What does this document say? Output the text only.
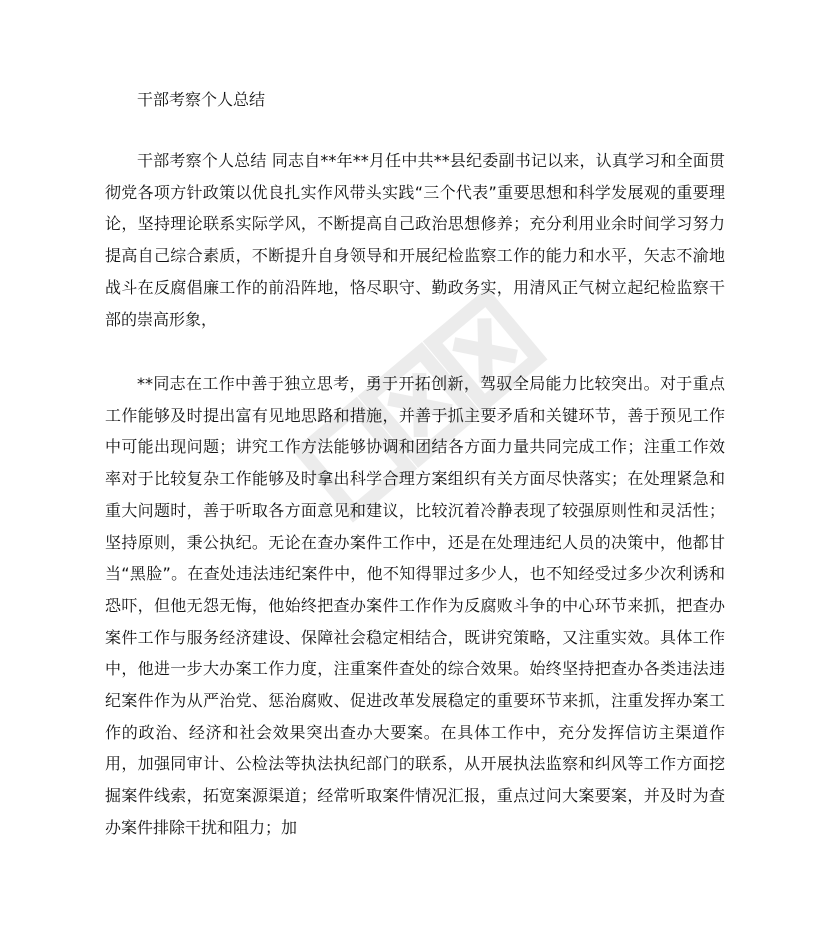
干部考察个人总结

干部考察个人总结 同志自**年**月任中共**县纪委副书记以来，认真学习和全面贯彻党各项方针政策以优良扎实作风带头实践“三个代表”重要思想和科学发展观的重要理论，坚持理论联系实际学风，不断提高自己政治思想修养；充分利用业余时间学习努力提高自己综合素质，不断提升自身领导和开展纪检监察工作的能力和水平，矢志不渝地战斗在反腐倡廉工作的前沿阵地，恪尽职守、勤政务实，用清风正气树立起纪检监察干部的崇高形象，

**同志在工作中善于独立思考，勇于开拓创新，驾驭全局能力比较突出。对于重点工作能够及时提出富有见地思路和措施，并善于抓主要矛盾和关键环节，善于预见工作中可能出现问题；讲究工作方法能够协调和团结各方面力量共同完成工作；注重工作效率对于比较复杂工作能够及时拿出科学合理方案组织有关方面尽快落实；在处理紧急和重大问题时，善于听取各方面意见和建议，比较沉着冷静表现了较强原则性和灵活性；坚持原则，秉公执纪。无论在查办案件工作中，还是在处理违纪人员的决策中，他都甘当“黑脸”。在查处违法违纪案件中，他不知得罪过多少人，也不知经受过多少次利诱和恐吓，但他无怨无悔，他始终把查办案件工作作为反腐败斗争的中心环节来抓，把查办案件工作与服务经济建设、保障社会稳定相结合，既讲究策略，又注重实效。具体工作中，他进一步大办案工作力度，注重案件查处的综合效果。始终坚持把查办各类违法违纪案件作为从严治党、惩治腐败、促进改革发展稳定的重要环节来抓，注重发挥办案工作的政治、经济和社会效果突出查办大要案。在具体工作中，充分发挥信访主渠道作用，加强同审计、公检法等执法执纪部门的联系，从开展执法监察和纠风等工作方面挖掘案件线索，拓宽案源渠道；经常听取案件情况汇报，重点过问大案要案，并及时为查办案件排除干扰和阻力；加
